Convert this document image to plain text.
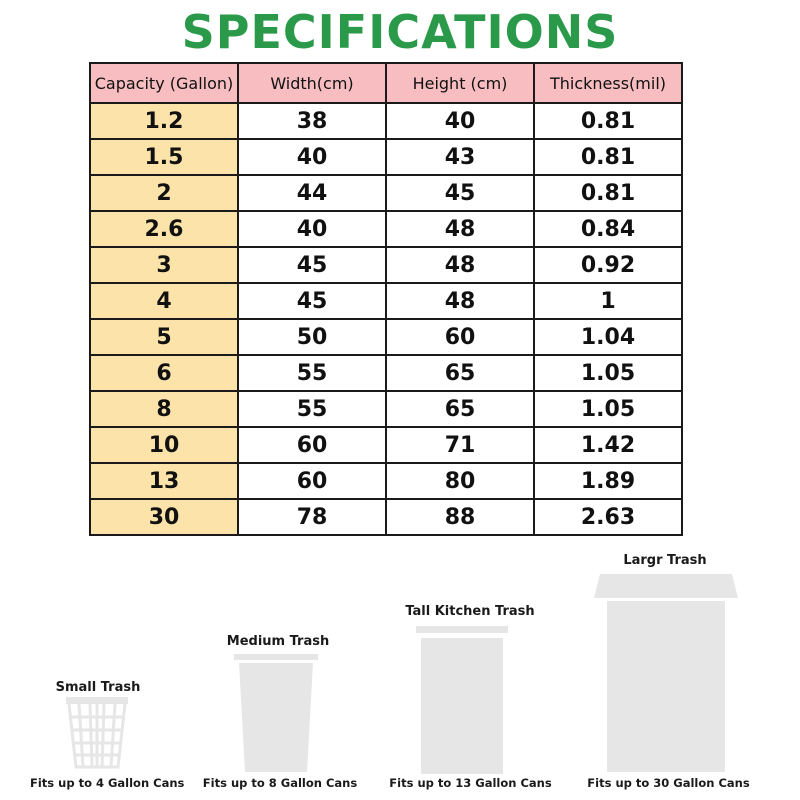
SPECIFICATIONS
Capacity (Gallon)	Width(cm)	Height (cm)	Thickness(mil)
1.2	38	40	0.81
1.5	40	43	0.81
2	44	45	0.81
2.6	40	48	0.84
3	45	48	0.92
4	45	48	1
5	50	60	1.04
6	55	65	1.05
8	55	65	1.05
10	60	71	1.42
13	60	80	1.89
30	78	88	2.63
Small Trash
Fits up to 4 Gallon Cans
Medium Trash
Fits up to 8 Gallon Cans
Tall Kitchen Trash
Fits up to 13 Gallon Cans
Largr Trash
Fits up to 30 Gallon Cans
